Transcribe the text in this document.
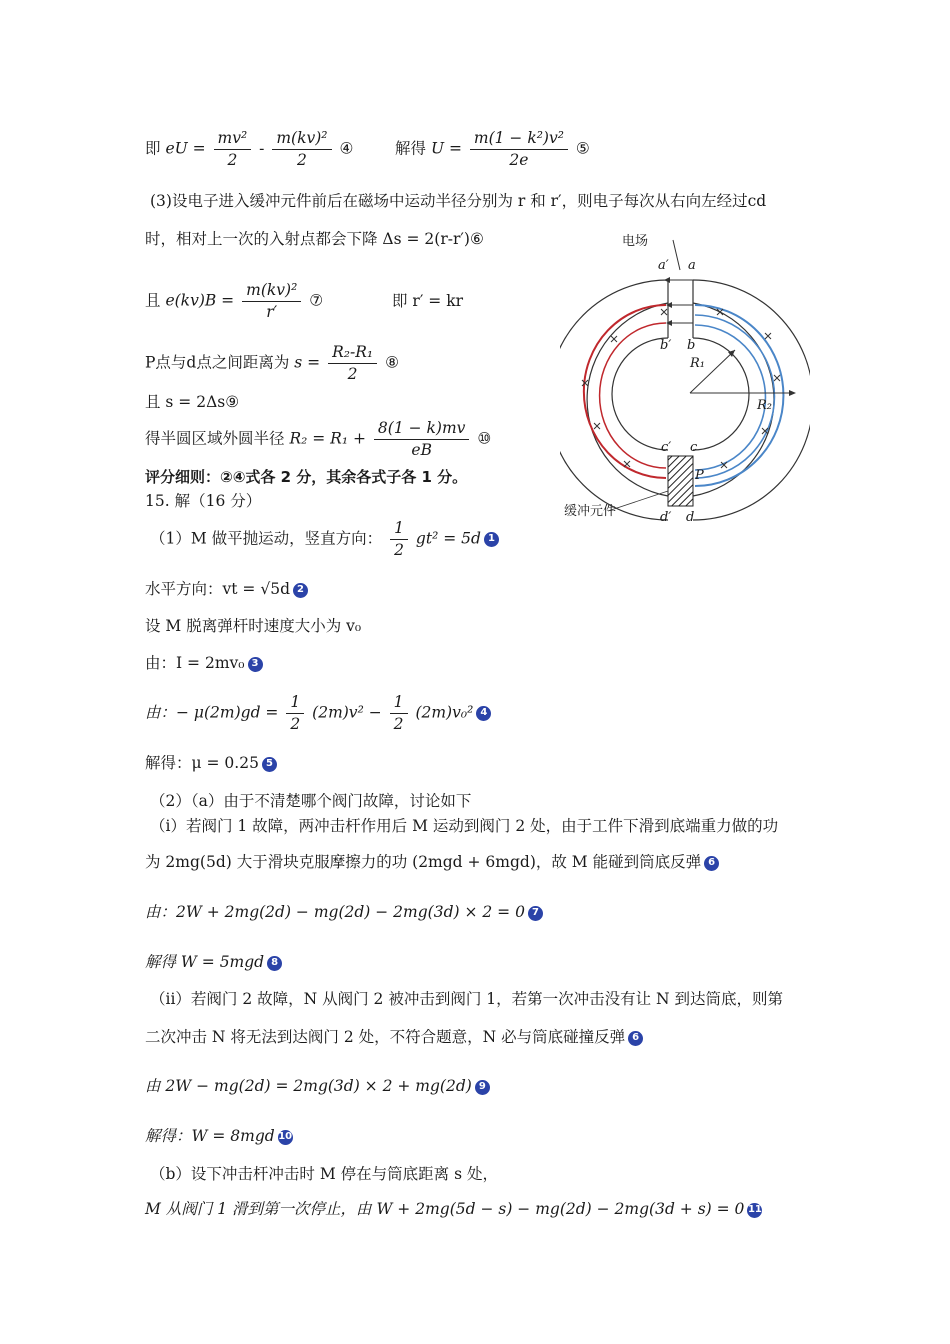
即 eU = $\frac{\text{mv²}}{2} - \frac{\text{m(kv)²}}{2}$ ④	解得 $U = \frac{\text{m(1 − k²)v²}}{2e}$ ⑤
(3)设电子进入缓冲元件前后在磁场中运动半径分别为 r 和 r′，则电子每次从右向左经过cd
时，相对上一次的入射点都会下降 Δs = 2(r-r′)⑥
且 $e(kv)B = \frac{\text{m(kv)²}}{r'}$ ⑦	即 r′ = kr
P点与d点之间距离为 $s = \frac{\text{R₂-R₁}}{2}$ ⑧
且 s = 2Δs⑨
得半圆区域外圆半径 $R_2 = R_1 + \frac{8(1 - k)mv}{eB}$ ⑩
评分细则：②④式各 2 分，其余各式子各 1 分。
15. 解（16 分）
（1）M 做平抛运动，竖直方向： $\frac{1}{2} gt^2 = 5d$ 1
水平方向：vt = √5d 2
设 M 脱离弹杆时速度大小为 v₀
由：I = 2mv₀ 3
由：− $\mu(2m)gd = \frac{1}{2} (2m)v^2 - \frac{1}{2} (2m)v_0^2$ 4
解得：μ = 0.25 5
（2）（a）由于不清楚哪个阀门故障，讨论如下
（i）若阀门 1 故障，两冲击杆作用后 M 运动到阀门 2 处，由于工件下滑到底端重力做的功
为 2mg(5d) 大于滑块克服摩擦力的功 (2mgd + 6mgd)，故 M 能碰到筒底反弹 6
由：2W + 2mg(2d) − mg(2d) − 2mg(3d) × 2 = 0 7
解得 W = 5mgd 8
（ii）若阀门 2 故障，N 从阀门 2 被冲击到阀门 1，若第一次冲击没有让 N 到达筒底，则第
二次冲击 N 将无法到达阀门 2 处，不符合题意，N 必与筒底碰撞反弹 6
由 2W − mg(2d) = 2mg(3d) × 2 + mg(2d) 9
解得：W = 8mgd 10
（b）设下冲击杆冲击时 M 停在与筒底距离 s 处，
M 从阀门 1 滑到第一次停止，由 W + 2mg(5d − s) − mg(2d) − 2mg(3d + s) = 0 11
电场
a′ a
b′ b
R₁
R₂
c′ c
P
d′ d
缓冲元件
